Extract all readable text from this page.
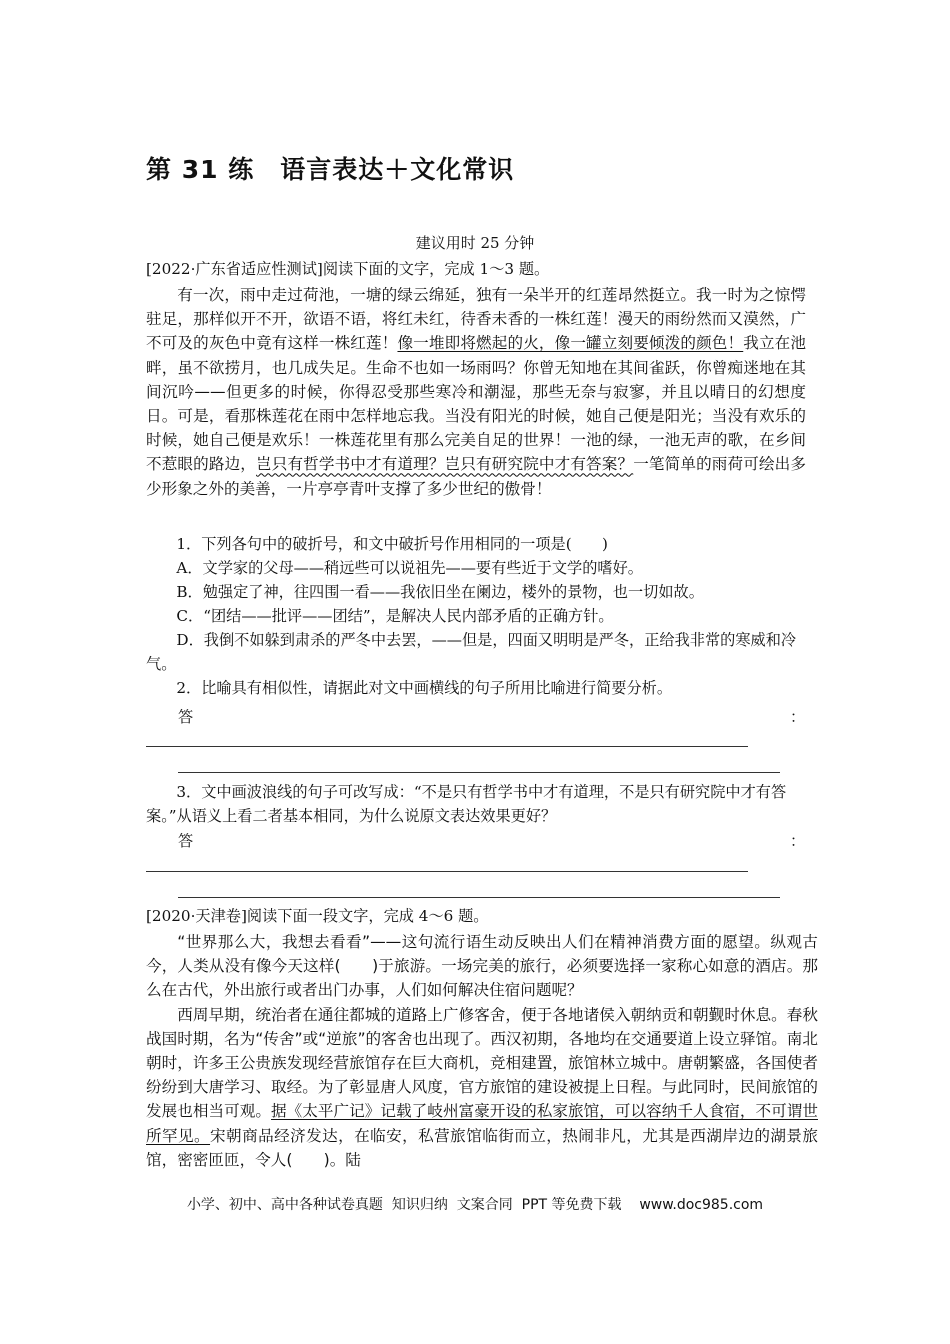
第 31 练　语言表达＋文化常识
建议用时 25 分钟
[2022·广东省适应性测试]阅读下面的文字，完成 1～3 题。

有一次，雨中走过荷池，一塘的绿云绵延，独有一朵半开的红莲昂然挺立。我一时为之惊愕驻足，那样似开不开，欲语不语，将红未红，待香未香的一株红莲！漫天的雨纷然而又漠然，广不可及的灰色中竟有这样一株红莲！像一堆即将燃起的火，像一罐立刻要倾泼的颜色！我立在池畔，虽不欲捞月，也几成失足。生命不也如一场雨吗？你曾无知地在其间雀跃，你曾痴迷地在其间沉吟——但更多的时候，你得忍受那些寒冷和潮湿，那些无奈与寂寥，并且以晴日的幻想度日。可是，看那株莲花在雨中怎样地忘我。当没有阳光的时候，她自己便是阳光；当没有欢乐的时候，她自己便是欢乐！一株莲花里有那么完美自足的世界！一池的绿，一池无声的歌，在乡间不惹眼的路边，岂只有哲学书中才有道理？岂只有研究院中才有答案？一笔简单的雨荷可绘出多少形象之外的美善，一片亭亭青叶支撑了多少世纪的傲骨！

1．下列各句中的破折号，和文中破折号作用相同的一项是(　　)

A．文学家的父母——稍远些可以说祖先——要有些近于文学的嗜好。

B．勉强定了神，往四围一看——我依旧坐在阑边，楼外的景物，也一切如故。

C．“团结——批评——团结”，是解决人民内部矛盾的正确方针。

D．我倒不如躲到肃杀的严冬中去罢，——但是，四面又明明是严冬，正给我非常的寒威和冷气。

2．比喻具有相似性，请据此对文中画横线的句子所用比喻进行简要分析。

答	：

3．文中画波浪线的句子可改写成：“不是只有哲学书中才有道理，不是只有研究院中才有答案。”从语义上看二者基本相同，为什么说原文表达效果更好？

答	：
[2020·天津卷]阅读下面一段文字，完成 4～6 题。

“世界那么大，我想去看看”——这句流行语生动反映出人们在精神消费方面的愿望。纵观古今，人类从没有像今天这样(　　)于旅游。一场完美的旅行，必须要选择一家称心如意的酒店。那么在古代，外出旅行或者出门办事，人们如何解决住宿问题呢？

西周早期，统治者在通往都城的道路上广修客舍，便于各地诸侯入朝纳贡和朝觐时休息。春秋战国时期，名为“传舍”或“逆旅”的客舍也出现了。西汉初期，各地均在交通要道上设立驿馆。南北朝时，许多王公贵族发现经营旅馆存在巨大商机，竞相建置，旅馆林立城中。唐朝繁盛，各国使者纷纷到大唐学习、取经。为了彰显唐人风度，官方旅馆的建设被提上日程。与此同时，民间旅馆的发展也相当可观。据《太平广记》记载了岐州富豪开设的私家旅馆，可以容纳千人食宿，不可谓世所罕见。宋朝商品经济发达，在临安，私营旅馆临街而立，热闹非凡，尤其是西湖岸边的湖景旅馆，密密匝匝，令人(　　)。陆

小学、初中、高中各种试卷真题  知识归纳  文案合同  PPT 等免费下载    www.doc985.com
